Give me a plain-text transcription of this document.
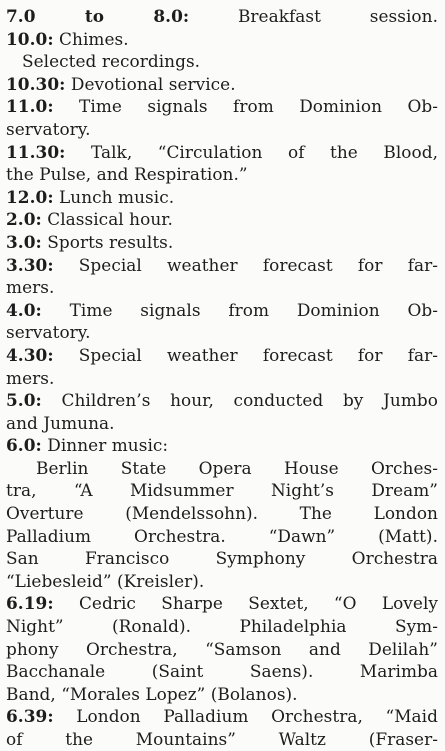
7.0 to 8.0: Breakfast session.
10.0: Chimes.
Selected recordings.
10.30: Devotional service.
11.0: Time signals from Dominion Ob-
servatory.
11.30: Talk, “Circulation of the Blood,
the Pulse, and Respiration.”
12.0: Lunch music.
2.0: Classical hour.
3.0: Sports results.
3.30: Special weather forecast for far-
mers.
4.0: Time signals from Dominion Ob-
servatory.
4.30: Special weather forecast for far-
mers.
5.0: Children’s hour, conducted by Jumbo
and Jumuna.
6.0: Dinner music:
Berlin State Opera House Orches-
tra, “A Midsummer Night’s Dream”
Overture (Mendelssohn). The London
Palladium Orchestra. “Dawn” (Matt).
San Francisco Symphony Orchestra
“Liebesleid” (Kreisler).
6.19: Cedric Sharpe Sextet, “O Lovely
Night” (Ronald). Philadelphia Sym-
phony Orchestra, “Samson and Delilah”
Bacchanale (Saint Saens). Marimba
Band, “Morales Lopez” (Bolanos).
6.39: London Palladium Orchestra, “Maid
of the Mountains” Waltz (Fraser-
